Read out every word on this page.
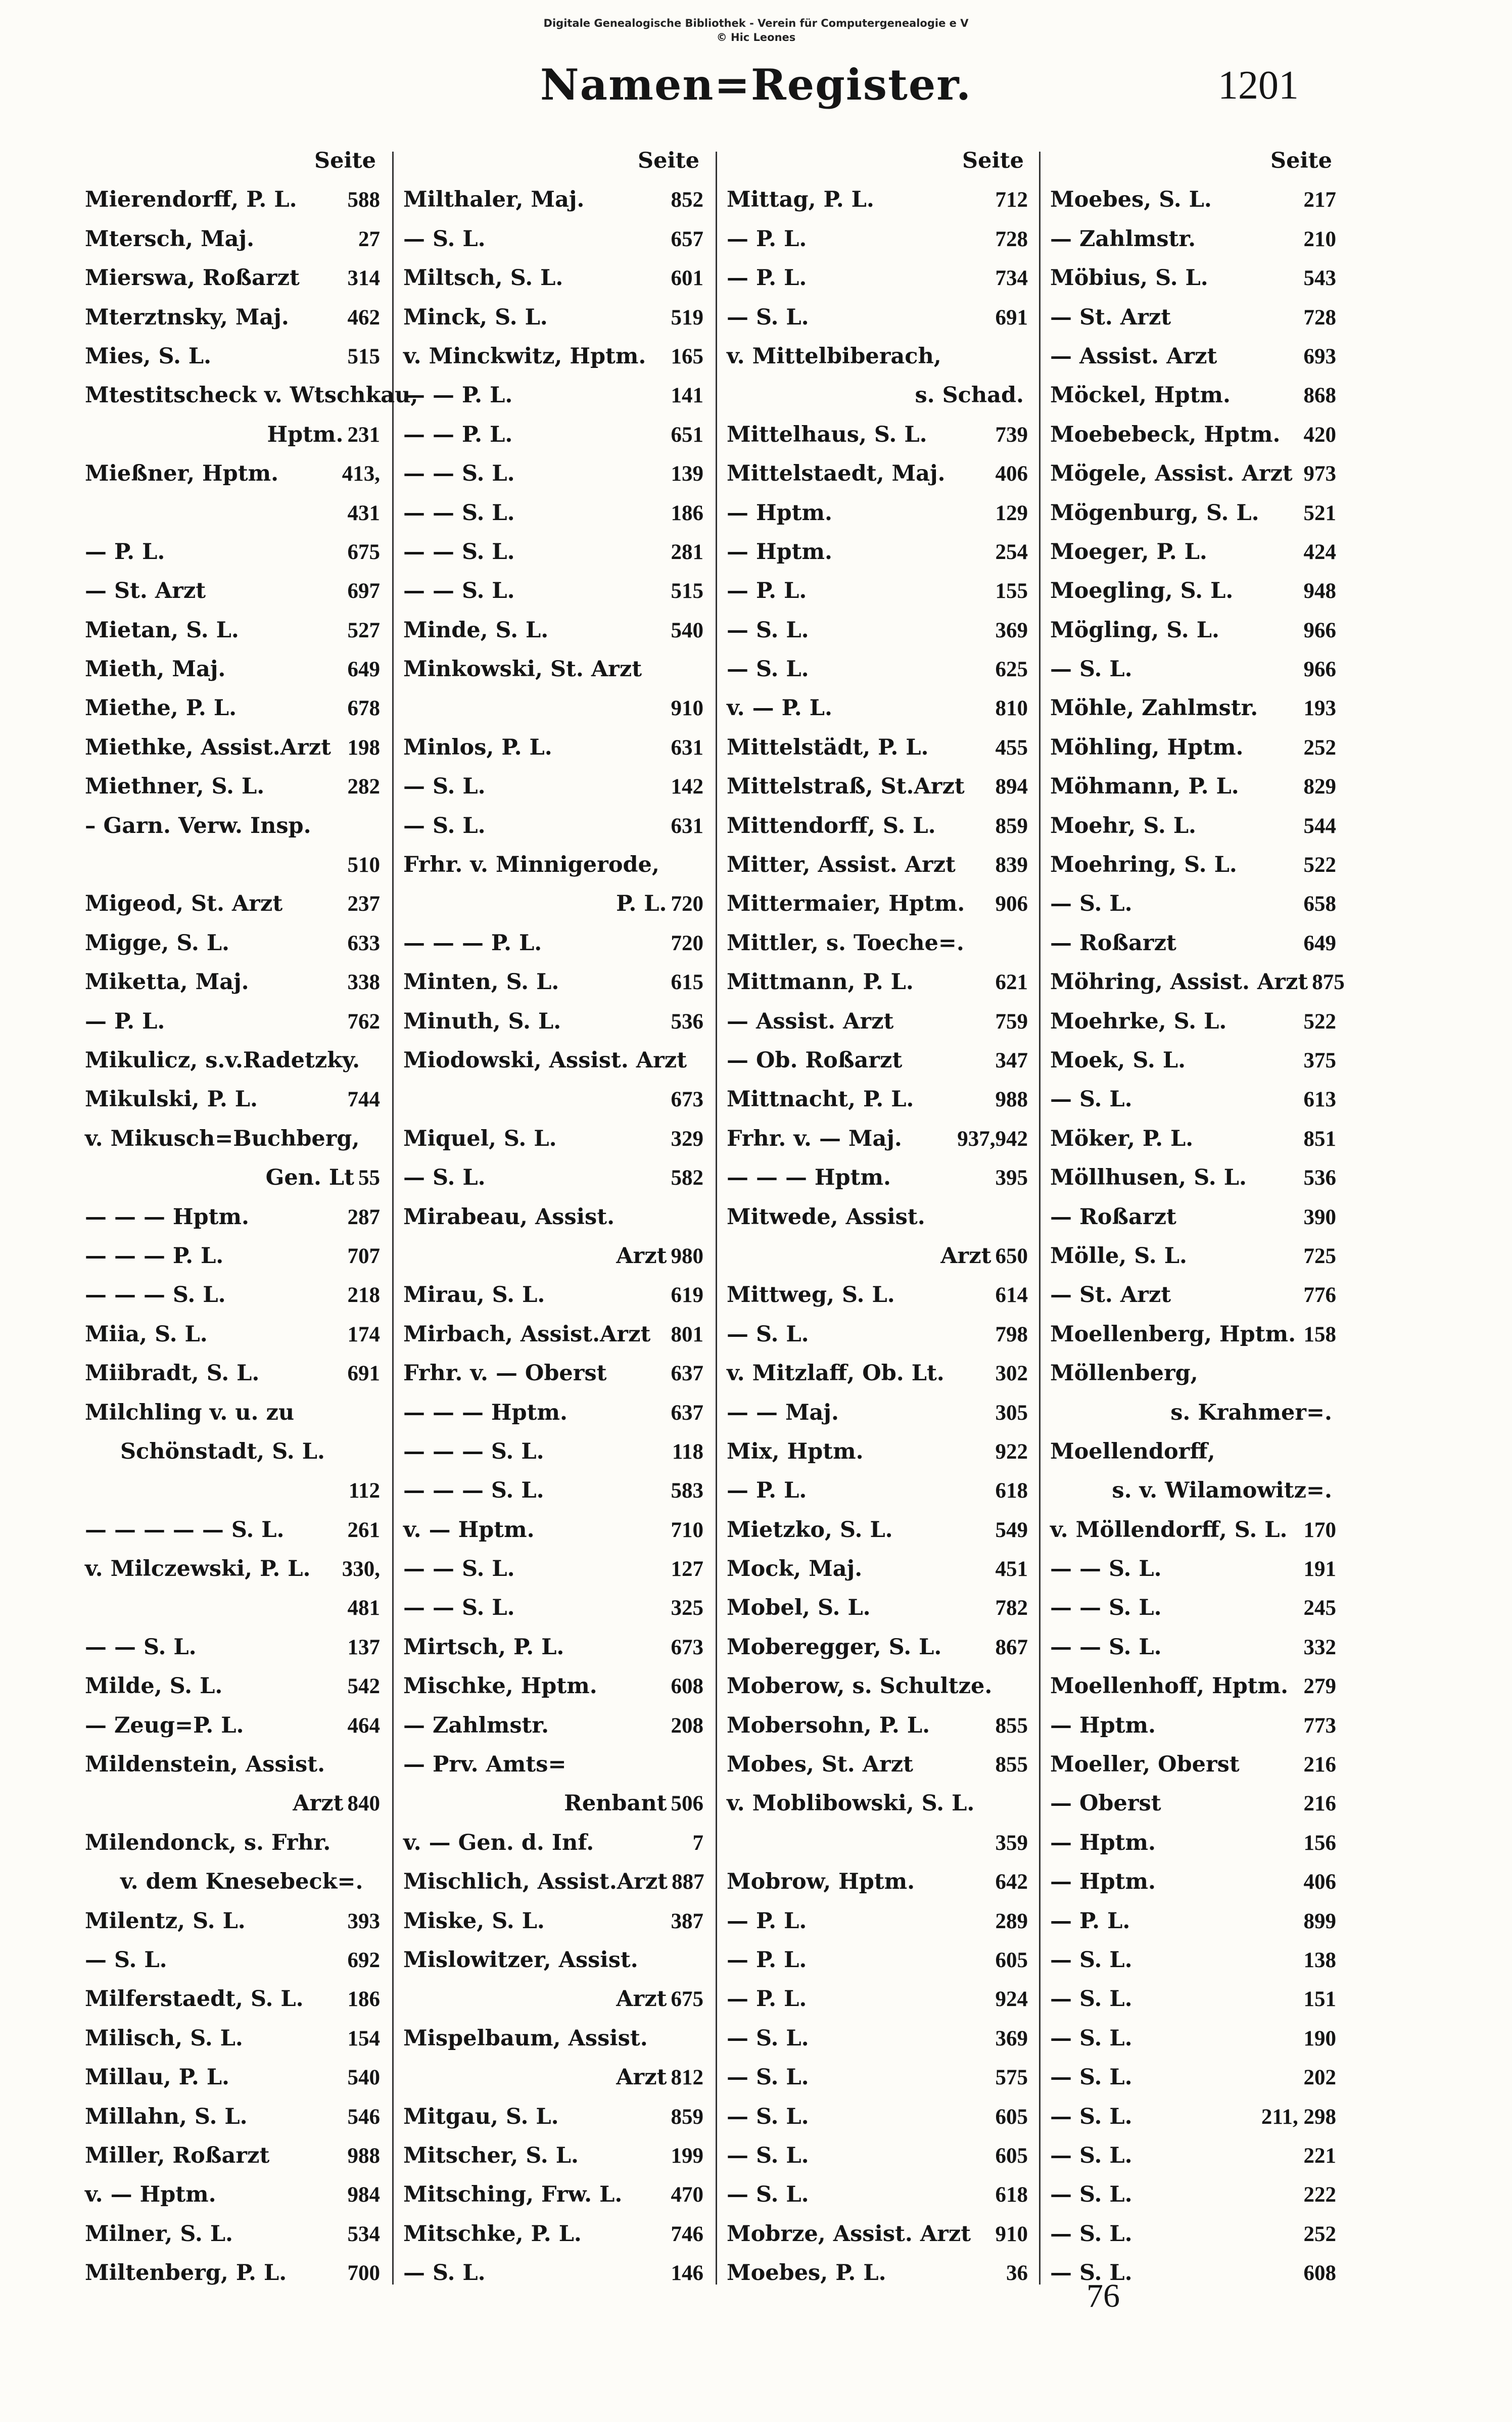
Digitale Genealogische Bibliothek - Verein für Computergenealogie e V
© Hic Leones
Namen=Register.	1201
Seite
Mierendorff, P. L.	588
Mtersch, Maj.	27
Mierswa, Roßarzt	314
Mterztnsky, Maj.	462
Mies, S. L.	515
Mtestitscheck v. Wtschkau,
Hptm. 231
Mießner, Hptm.	413,
431
— P. L.	675
— St. Arzt	697
Mietan, S. L.	527
Mieth, Maj.	649
Miethe, P. L.	678
Miethke, Assist.Arzt 198
Miethner, S. L.	282
– Garn. Verw. Insp.
510
Migeod, St. Arzt	237
Migge, S. L.	633
Miketta, Maj.	338
— P. L.	762
Mikulicz, s.v.Radetzky.
Mikulski, P. L.	744
v. Mikusch=Buchberg,
Gen. Lt 55
— — — Hptm.	287
— — — P. L.	707
— — — S. L.	218
Miia, S. L.	174
Miibradt, S. L.	691
Milchling v. u. zu
Schönstadt, S. L.
112
— — — — — S. L.	261
v. Milczewski, P. L.	330,
481
— — S. L.	137
Milde, S. L.	542
— Zeug=P. L.	464
Mildenstein, Assist.
Arzt 840
Milendonck, s. Frhr.
v. dem Knesebeck=.
Milentz, S. L.	393
— S. L.	692
Milferstaedt, S. L.	186
Milisch, S. L.	154
Millau, P. L.	540
Millahn, S. L.	546
Miller, Roßarzt	988
v. — Hptm.	984
Milner, S. L.	534
Miltenberg, P. L.	700
Seite
Milthaler, Maj.	852
— S. L.	657
Miltsch, S. L.	601
Minck, S. L.	519
v. Minckwitz, Hptm.	165
— — P. L.	141
— — P. L.	651
— — S. L.	139
— — S. L.	186
— — S. L.	281
— — S. L.	515
Minde, S. L.	540
Minkowski, St. Arzt
910
Minlos, P. L.	631
— S. L.	142
— S. L.	631
Frhr. v. Minnigerode,
P. L. 720
— — — P. L.	720
Minten, S. L.	615
Minuth, S. L.	536
Miodowski, Assist. Arzt
673
Miquel, S. L.	329
— S. L.	582
Mirabeau, Assist.
Arzt 980
Mirau, S. L.	619
Mirbach, Assist.Arzt 801
Frhr. v. — Oberst	637
— — — Hptm.	637
— — — S. L.	118
— — — S. L.	583
v. — Hptm.	710
— — S. L.	127
— — S. L.	325
Mirtsch, P. L.	673
Mischke, Hptm.	608
— Zahlmstr.	208
— Prv. Amts=
Renbant 506
v. — Gen. d. Inf.	7
Mischlich, Assist.Arzt 887
Miske, S. L.	387
Mislowitzer, Assist.
Arzt 675
Mispelbaum, Assist.
Arzt 812
Mitgau, S. L.	859
Mitscher, S. L.	199
Mitsching, Frw. L.	470
Mitschke, P. L.	746
— S. L.	146
Seite
Mittag, P. L.	712
— P. L.	728
— P. L.	734
— S. L.	691
v. Mittelbiberach,
s. Schad.
Mittelhaus, S. L.	739
Mittelstaedt, Maj.	406
— Hptm.	129
— Hptm.	254
— P. L.	155
— S. L.	369
— S. L.	625
v. — P. L.	810
Mittelstädt, P. L.	455
Mittelstraß, St.Arzt	894
Mittendorff, S. L.	859
Mitter, Assist. Arzt	839
Mittermaier, Hptm.	906
Mittler, s. Toeche=.
Mittmann, P. L.	621
— Assist. Arzt	759
— Ob. Roßarzt	347
Mittnacht, P. L.	988
Frhr. v. — Maj.	937,942
— — — Hptm.	395
Mitwede, Assist.
Arzt 650
Mittweg, S. L.	614
— S. L.	798
v. Mitzlaff, Ob. Lt.	302
— — Maj.	305
Mix, Hptm.	922
— P. L.	618
Mietzko, S. L.	549
Mock, Maj.	451
Mobel, S. L.	782
Moberegger, S. L.	867
Moberow, s. Schultze.
Mobersohn, P. L.	855
Mobes, St. Arzt	855
v. Moblibowski, S. L.
359
Mobrow, Hptm.	642
— P. L.	289
— P. L.	605
— P. L.	924
— S. L.	369
— S. L.	575
— S. L.	605
— S. L.	605
— S. L.	618
Mobrze, Assist. Arzt	910
Moebes, P. L.	36
Seite
Moebes, S. L.	217
— Zahlmstr.	210
Möbius, S. L.	543
— St. Arzt	728
— Assist. Arzt	693
Möckel, Hptm.	868
Moebebeck, Hptm.	420
Mögele, Assist. Arzt 973
Mögenburg, S. L.	521
Moeger, P. L.	424
Moegling, S. L.	948
Mögling, S. L.	966
— S. L.	966
Möhle, Zahlmstr.	193
Möhling, Hptm.	252
Möhmann, P. L.	829
Moehr, S. L.	544
Moehring, S. L.	522
— S. L.	658
— Roßarzt	649
Möhring, Assist. Arzt 875
Moehrke, S. L.	522
Moek, S. L.	375
— S. L.	613
Möker, P. L.	851
Möllhusen, S. L.	536
— Roßarzt	390
Mölle, S. L.	725
— St. Arzt	776
Moellenberg, Hptm. 158
Möllenberg,
s. Krahmer=.
Moellendorff,
s. v. Wilamowitz=.
v. Möllendorff, S. L. 170
— — S. L.	191
— — S. L.	245
— — S. L.	332
Moellenhoff, Hptm. 279
— Hptm.	773
Moeller, Oberst	216
— Oberst	216
— Hptm.	156
— Hptm.	406
— P. L.	899
— S. L.	138
— S. L.	151
— S. L.	190
— S. L.	202
— S. L.	211, 298
— S. L.	221
— S. L.	222
— S. L.	252
— S. L.	608
76
